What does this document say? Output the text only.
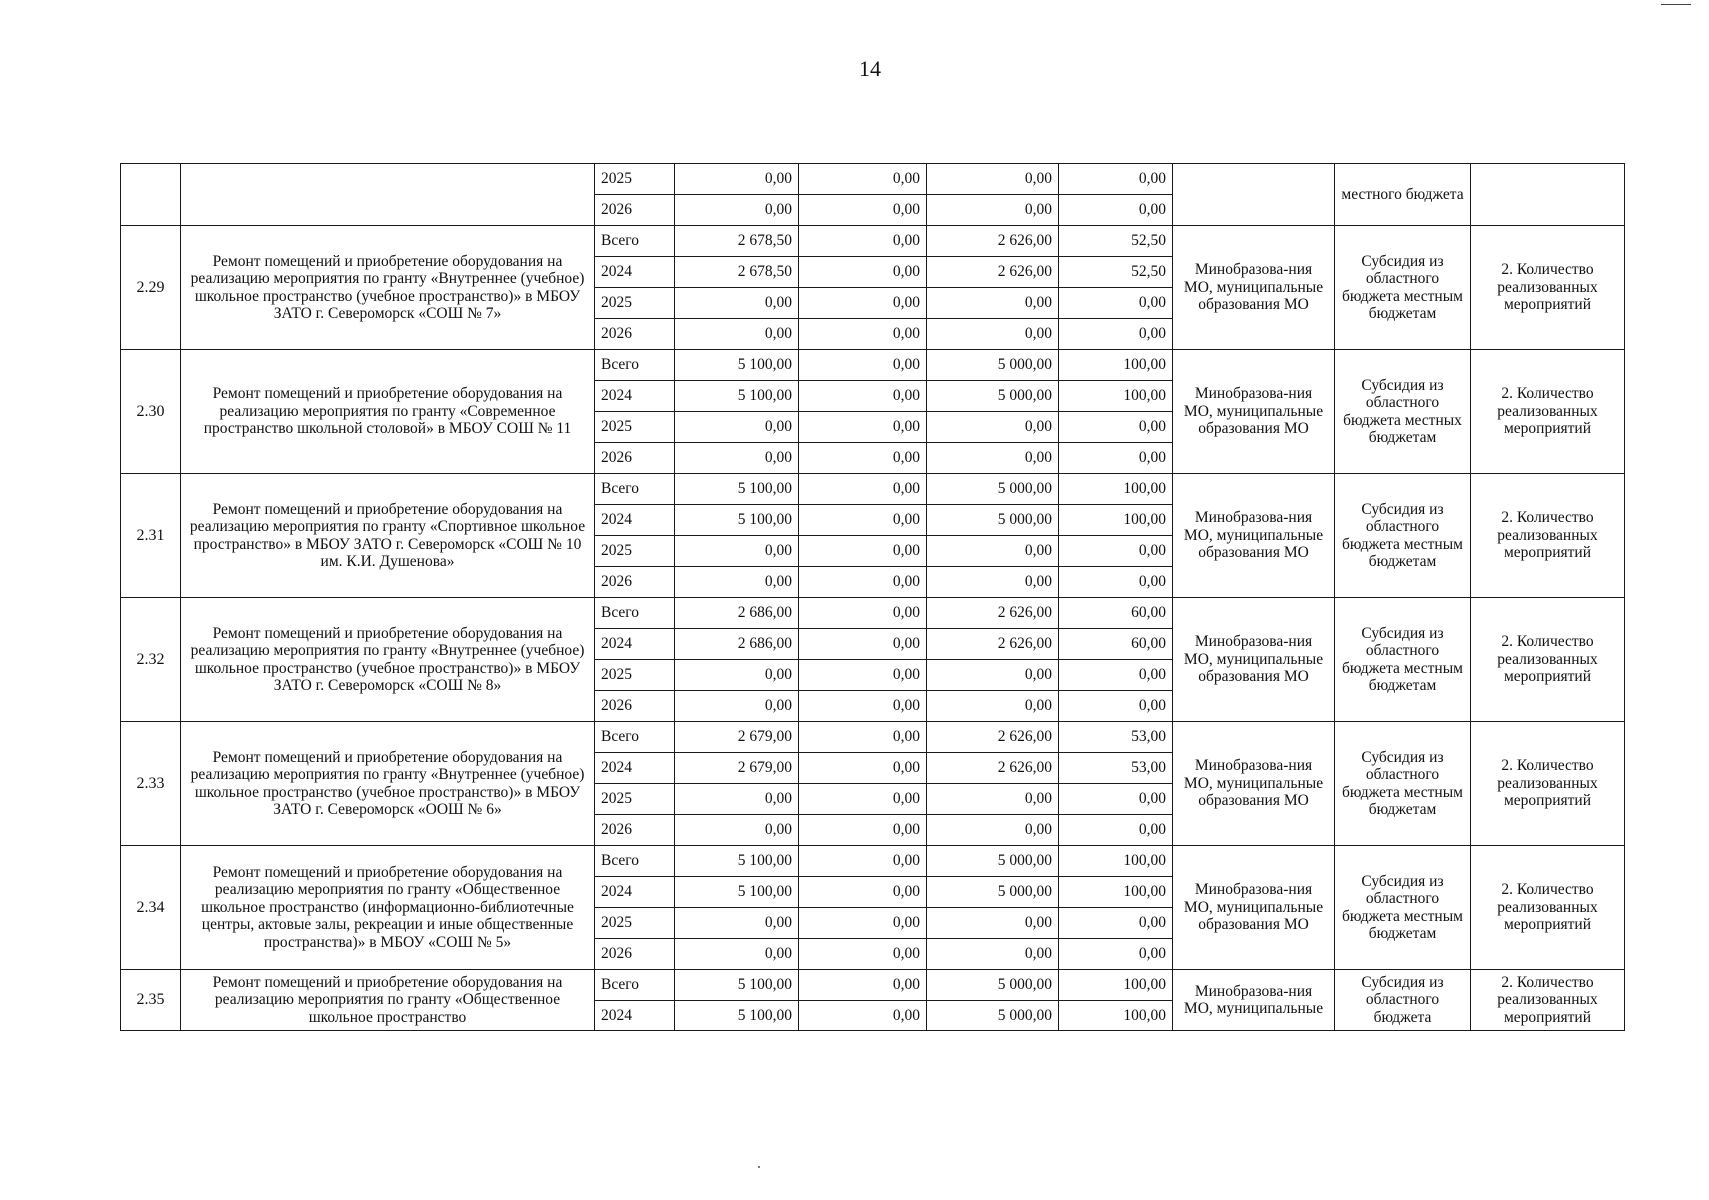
14
		2025	0,00	0,00	0,00	0,00		местного бюджета	
		2026	0,00	0,00	0,00	0,00			
2.29	Ремонт помещений и приобретение оборудования на реализацию мероприятия по гранту «Внутреннее (учебное) школьное пространство (учебное пространство)» в МБОУ ЗАТО г. Североморск «СОШ № 7»	Всего	2 678,50	0,00	2 626,00	52,50	Минобразова-ния МО, муниципальные образования МО	Субсидия из областного бюджета местным бюджетам	2. Количество реализованных мероприятий
		2024	2 678,50	0,00	2 626,00	52,50			
		2025	0,00	0,00	0,00	0,00			
		2026	0,00	0,00	0,00	0,00			
2.30	Ремонт помещений и приобретение оборудования на реализацию мероприятия по гранту «Современное пространство школьной столовой» в МБОУ СОШ № 11	Всего	5 100,00	0,00	5 000,00	100,00	Минобразова-ния МО, муниципальные образования МО	Субсидия из областного бюджета местных бюджетам	2. Количество реализованных мероприятий
		2024	5 100,00	0,00	5 000,00	100,00			
		2025	0,00	0,00	0,00	0,00			
		2026	0,00	0,00	0,00	0,00			
2.31	Ремонт помещений и приобретение оборудования на реализацию мероприятия по гранту «Спортивное школьное пространство» в МБОУ ЗАТО г. Североморск «СОШ № 10 им. К.И. Душенова»	Всего	5 100,00	0,00	5 000,00	100,00	Минобразова-ния МО, муниципальные образования МО	Субсидия из областного бюджета местным бюджетам	2. Количество реализованных мероприятий
		2024	5 100,00	0,00	5 000,00	100,00			
		2025	0,00	0,00	0,00	0,00			
		2026	0,00	0,00	0,00	0,00			
2.32	Ремонт помещений и приобретение оборудования на реализацию мероприятия по гранту «Внутреннее (учебное) школьное пространство (учебное пространство)» в МБОУ ЗАТО г. Североморск «СОШ № 8»	Всего	2 686,00	0,00	2 626,00	60,00	Минобразова-ния МО, муниципальные образования МО	Субсидия из областного бюджета местным бюджетам	2. Количество реализованных мероприятий
		2024	2 686,00	0,00	2 626,00	60,00			
		2025	0,00	0,00	0,00	0,00			
		2026	0,00	0,00	0,00	0,00			
2.33	Ремонт помещений и приобретение оборудования на реализацию мероприятия по гранту «Внутреннее (учебное) школьное пространство (учебное пространство)» в МБОУ ЗАТО г. Североморск «ООШ № 6»	Всего	2 679,00	0,00	2 626,00	53,00	Минобразова-ния МО, муниципальные образования МО	Субсидия из областного бюджета местным бюджетам	2. Количество реализованных мероприятий
		2024	2 679,00	0,00	2 626,00	53,00			
		2025	0,00	0,00	0,00	0,00			
		2026	0,00	0,00	0,00	0,00			
2.34	Ремонт помещений и приобретение оборудования на реализацию мероприятия по гранту «Общественное школьное пространство (информационно-библиотечные центры, актовые залы, рекреации и иные общественные пространства)» в МБОУ «СОШ № 5»	Всего	5 100,00	0,00	5 000,00	100,00	Минобразова-ния МО, муниципальные образования МО	Субсидия из областного бюджета местным бюджетам	2. Количество реализованных мероприятий
		2024	5 100,00	0,00	5 000,00	100,00			
		2025	0,00	0,00	0,00	0,00			
		2026	0,00	0,00	0,00	0,00			
2.35	Ремонт помещений и приобретение оборудования на реализацию мероприятия по гранту «Общественное школьное пространство	Всего	5 100,00	0,00	5 000,00	100,00	Минобразова-ния МО, муниципальные	Субсидия из областного бюджета	2. Количество реализованных мероприятий
		2024	5 100,00	0,00	5 000,00	100,00			
